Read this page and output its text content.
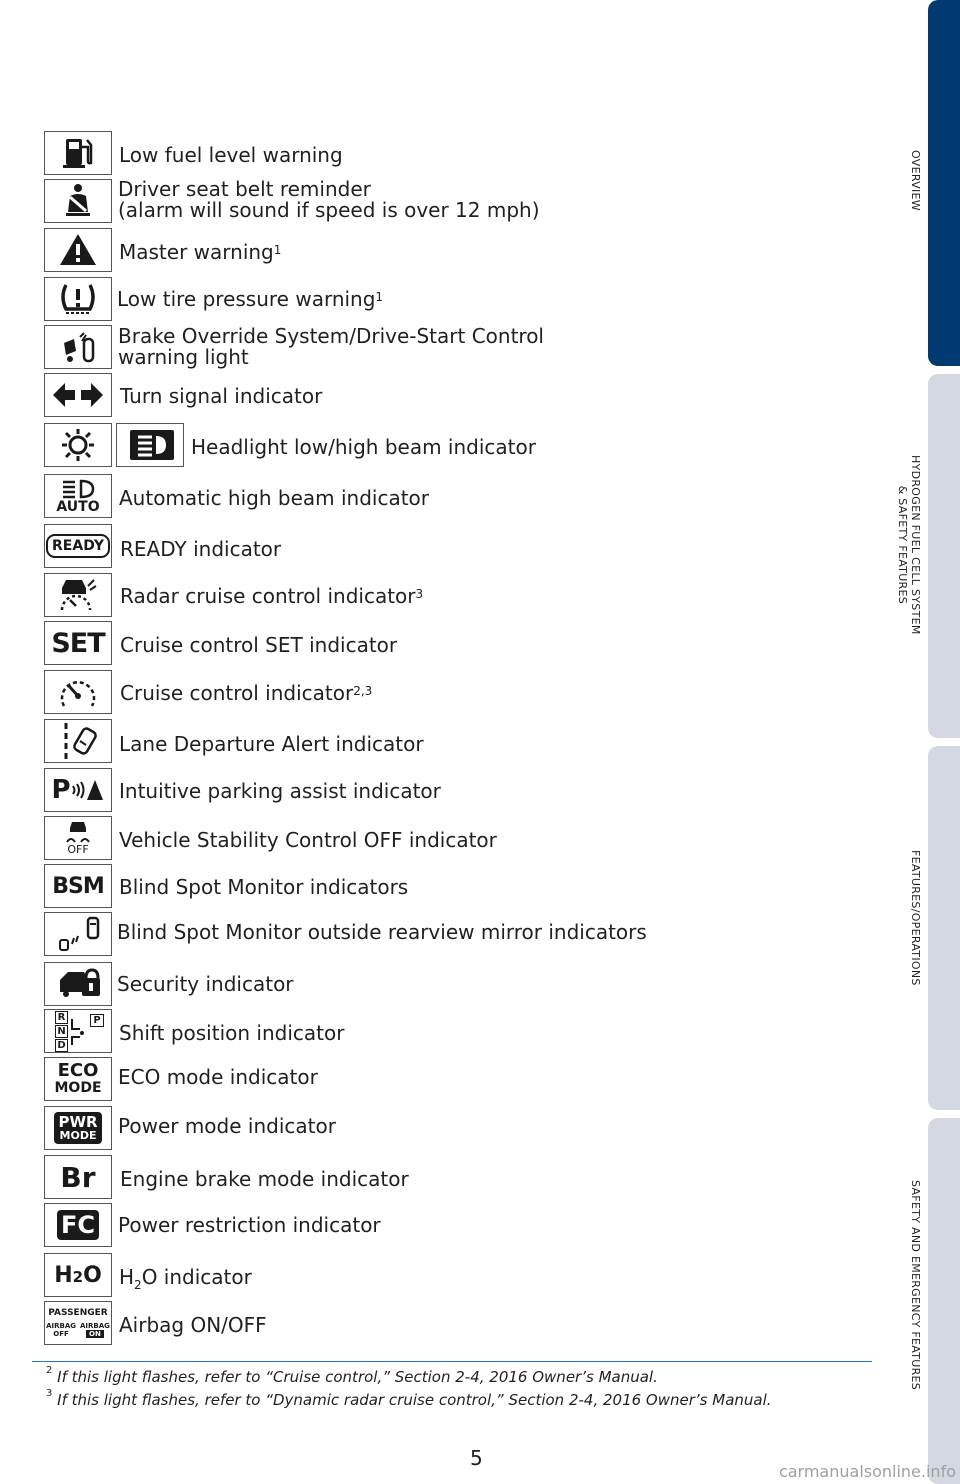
OVERVIEW
HYDROGEN FUEL CELL SYSTEM
& SAFETY FEATURES
FEATURES/OPERATIONS
SAFETY AND EMERGENCY FEATURES
Low fuel level warning
Driver seat belt reminder
(alarm will sound if speed is over 12 mph)
Master warning$^1$
Low tire pressure warning$^1$
Brake Override System/Drive-Start Control
warning light
Turn signal indicator
Headlight low/high beam indicator
AUTO Automatic high beam indicator
READY READY indicator
Radar cruise control indicator$^3$
SET Cruise control SET indicator
Cruise control indicator$^{2,3}$
Lane Departure Alert indicator
P Intuitive parking assist indicator
OFF Vehicle Stability Control OFF indicator
BSM Blind Spot Monitor indicators
Blind Spot Monitor outside rearview mirror indicators
Security indicator
R
N
D
P
Shift position indicator
ECO
MODE ECO mode indicator
PWR
MODE Power mode indicator
Br Engine brake mode indicator
FC Power restriction indicator
H2O $H_2O$ indicator
PASSENGER
AIRBAG
OFF
AIRBAG
ON Airbag ON/OFF
$^2$ If this light flashes, refer to “Cruise control,” Section 2-4, 2016 Owner’s Manual.
$^3$ If this light flashes, refer to “Dynamic radar cruise control,” Section 2-4, 2016 Owner’s Manual.
5
carmanualsonline.info
